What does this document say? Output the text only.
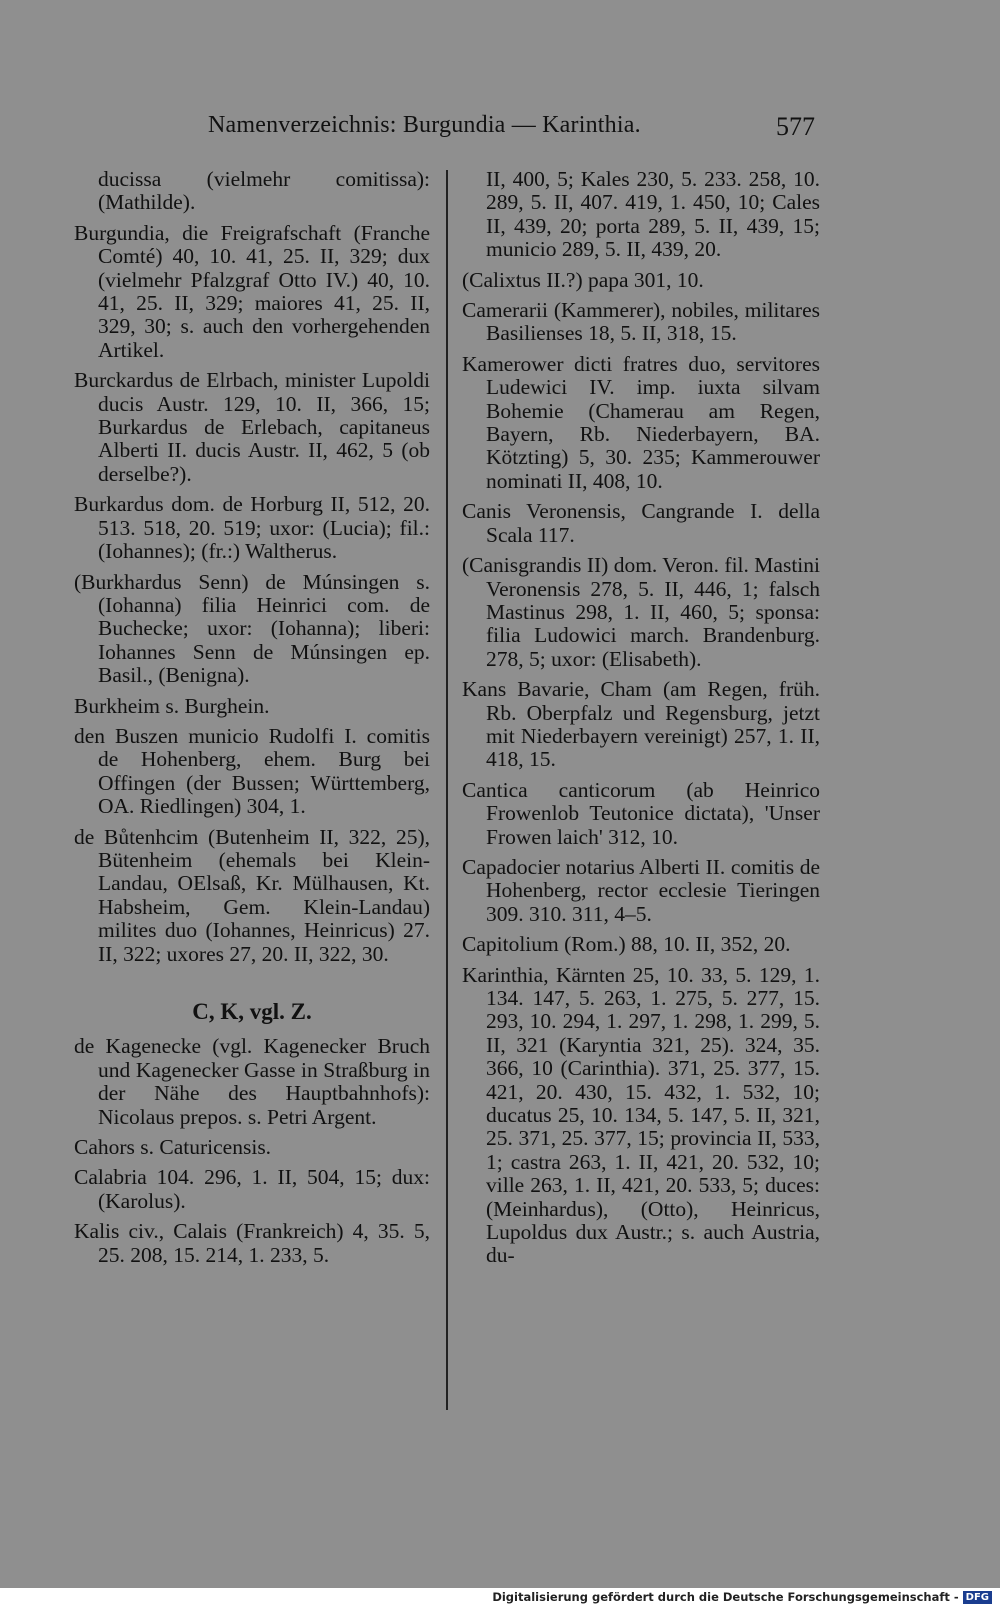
Namenverzeichnis: Burgundia — Karinthia.	577
ducissa (vielmehr comitissa): (Mathilde).
Burgundia, die Freigrafschaft (Franche Comté) 40, 10. 41, 25. II, 329; dux (vielmehr Pfalzgraf Otto IV.) 40, 10. 41, 25. II, 329; maiores 41, 25. II, 329, 30; s. auch den vorhergehenden Artikel.
Burckardus de Elrbach, minister Lupoldi ducis Austr. 129, 10. II, 366, 15; Burkardus de Erlebach, capitaneus Alberti II. ducis Austr. II, 462, 5 (ob derselbe?).
Burkardus dom. de Horburg II, 512, 20. 513. 518, 20. 519; uxor: (Lucia); fil.: (Iohannes); (fr.:) Waltherus.
(Burkhardus Senn) de Múnsingen s. (Iohanna) filia Heinrici com. de Buchecke; uxor: (Iohanna); liberi: Iohannes Senn de Múnsingen ep. Basil., (Benigna).
Burkheim s. Burghein.
den Buszen municio Rudolfi I. comitis de Hohenberg, ehem. Burg bei Offingen (der Bussen; Württemberg, OA. Riedlingen) 304, 1.
de Bůtenhcim (Butenheim II, 322, 25), Bütenheim (ehemals bei Klein-Landau, OElsaß, Kr. Mülhausen, Kt. Habsheim, Gem. Klein-Landau) milites duo (Iohannes, Heinricus) 27. II, 322; uxores 27, 20. II, 322, 30.
C, K, vgl. Z.
de Kagenecke (vgl. Kagenecker Bruch und Kagenecker Gasse in Straßburg in der Nähe des Hauptbahnhofs): Nicolaus prepos. s. Petri Argent.
Cahors s. Caturicensis.
Calabria 104. 296, 1. II, 504, 15; dux: (Karolus).
Kalis civ., Calais (Frankreich) 4, 35. 5, 25. 208, 15. 214, 1. 233, 5.
II, 400, 5; Kales 230, 5. 233. 258, 10. 289, 5. II, 407. 419, 1. 450, 10; Cales II, 439, 20; porta 289, 5. II, 439, 15; municio 289, 5. II, 439, 20.
(Calixtus II.?) papa 301, 10.
Camerarii (Kammerer), nobiles, militares Basilienses 18, 5. II, 318, 15.
Kamerower dicti fratres duo, servitores Ludewici IV. imp. iuxta silvam Bohemie (Chamerau am Regen, Bayern, Rb. Niederbayern, BA. Kötzting) 5, 30. 235; Kammerouwer nominati II, 408, 10.
Canis Veronensis, Cangrande I. della Scala 117.
(Canisgrandis II) dom. Veron. fil. Mastini Veronensis 278, 5. II, 446, 1; falsch Mastinus 298, 1. II, 460, 5; sponsa: filia Ludowici march. Brandenburg. 278, 5; uxor: (Elisabeth).
Kans Bavarie, Cham (am Regen, früh. Rb. Oberpfalz und Regensburg, jetzt mit Niederbayern vereinigt) 257, 1. II, 418, 15.
Cantica canticorum (ab Heinrico Frowenlob Teutonice dictata), 'Unser Frowen laich' 312, 10.
Capadocier notarius Alberti II. comitis de Hohenberg, rector ecclesie Tieringen 309. 310. 311, 4–5.
Capitolium (Rom.) 88, 10. II, 352, 20.
Karinthia, Kärnten 25, 10. 33, 5. 129, 1. 134. 147, 5. 263, 1. 275, 5. 277, 15. 293, 10. 294, 1. 297, 1. 298, 1. 299, 5. II, 321 (Karyntia 321, 25). 324, 35. 366, 10 (Carinthia). 371, 25. 377, 15. 421, 20. 430, 15. 432, 1. 532, 10; ducatus 25, 10. 134, 5. 147, 5. II, 321, 25. 371, 25. 377, 15; provincia II, 533, 1; castra 263, 1. II, 421, 20. 532, 10; ville 263, 1. II, 421, 20. 533, 5; duces: (Meinhardus), (Otto), Heinricus, Lupoldus dux Austr.; s. auch Austria, du-
Digitalisierung gefördert durch die Deutsche Forschungsgemeinschaft - DFG
